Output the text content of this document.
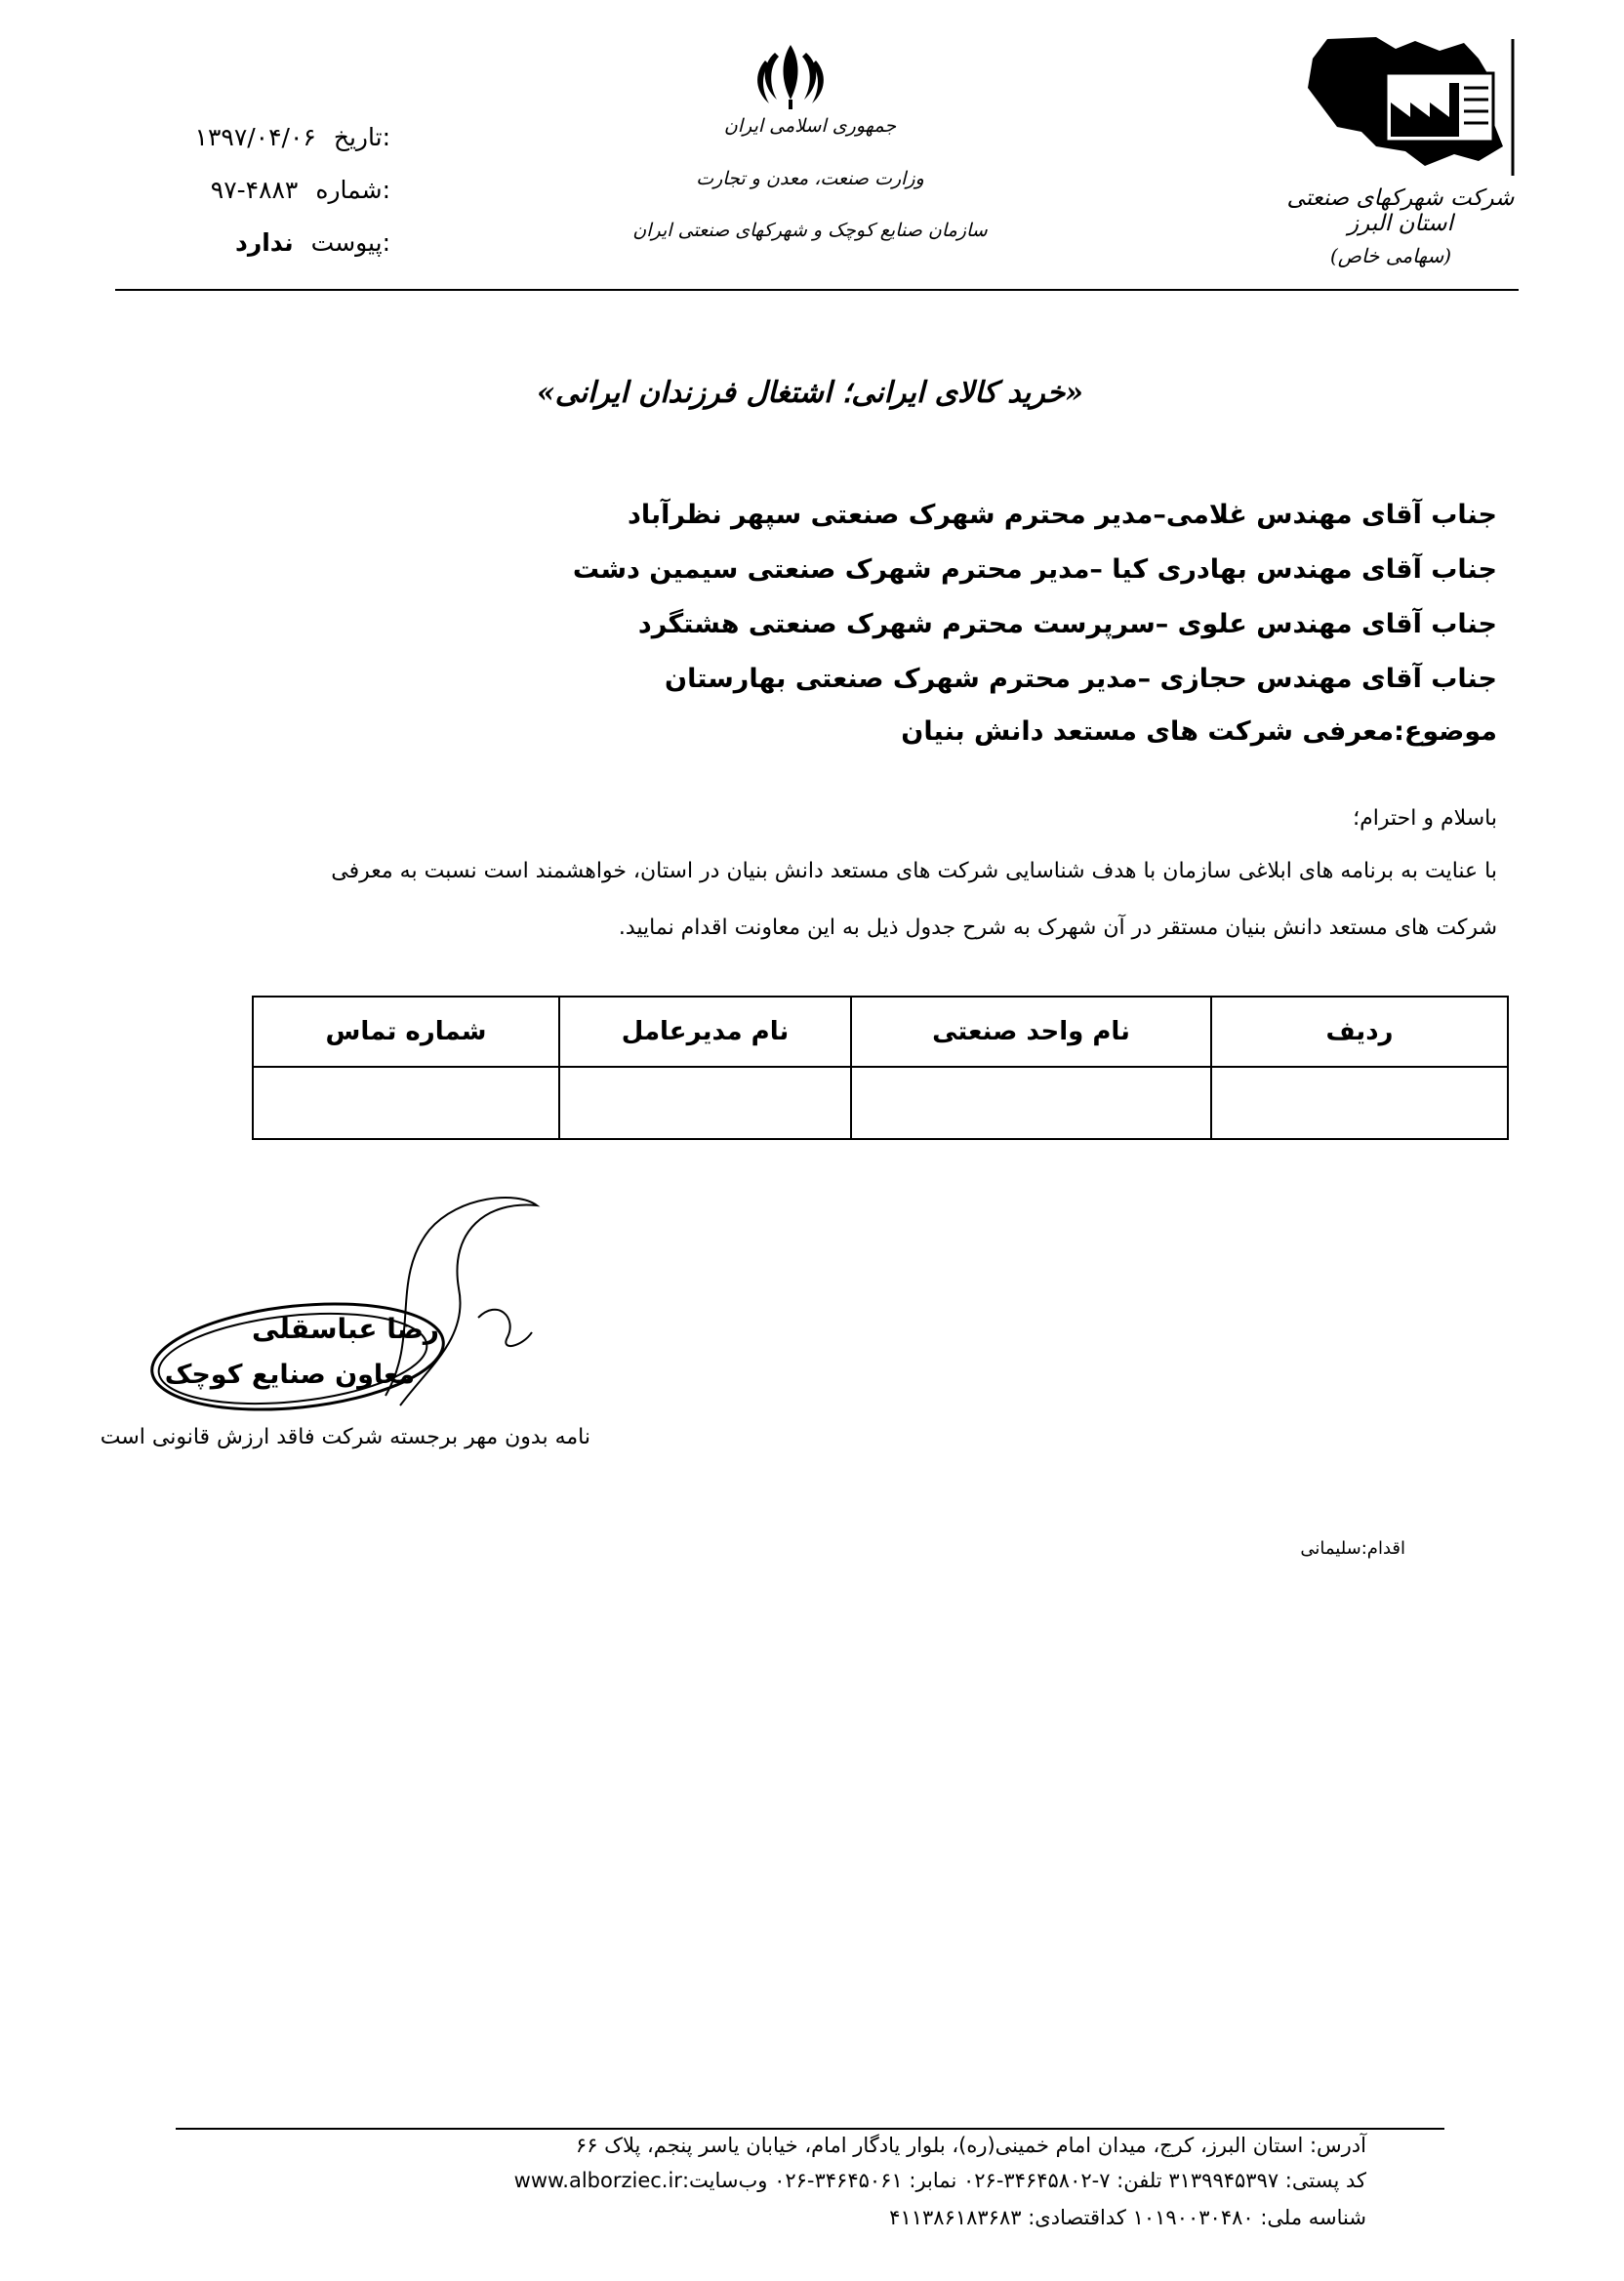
شرکت شهرکهای صنعتی استان البرز
(سهامی خاص)
جمهوری اسلامی ایران
وزارت صنعت، معدن و تجارت
سازمان صنایع کوچک و شهرکهای صنعتی ایران
تاریخ:
۱۳۹۷/۰۴/۰۶
شماره:
۹۷-۴۸۸۳
پیوست:
ندارد
«خرید کالای ایرانی؛ اشتغال فرزندان ایرانی»
جناب آقای مهندس غلامی–مدیر محترم شهرک صنعتی سپهر نظرآباد
جناب آقای مهندس بهادری کیا –مدیر محترم شهرک صنعتی سیمین دشت
جناب آقای مهندس علوی –سرپرست محترم شهرک صنعتی هشتگرد
جناب آقای مهندس حجازی –مدیر محترم شهرک صنعتی بهارستان
موضوع:معرفی شرکت های مستعد دانش بنیان
باسلام و احترام؛
با عنایت به برنامه های ابلاغی سازمان با هدف شناسایی شرکت های مستعد دانش بنیان در استان، خواهشمند است نسبت به معرفی
شرکت های مستعد دانش بنیان مستقر در آن شهرک به شرح جدول ذیل به این معاونت اقدام نمایید.
ردیف	نام واحد صنعتی	نام مدیرعامل	شماره تماس

رضا عباسقلی
معاون صنایع کوچک
نامه بدون مهر برجسته شرکت فاقد ارزش قانونی است
اقدام:سلیمانی
آدرس: استان البرز، کرج، میدان امام خمینی(ره)، بلوار یادگار امام، خیابان یاسر پنجم، پلاک ۶۶
کد پستی: ۳۱۳۹۹۴۵۳۹۷ تلفن: ۷-۳۴۶۴۵۸۰۲-۰۲۶ نمابر: ۳۴۶۴۵۰۶۱-۰۲۶ وب‌سایت:www.alborziec.ir
شناسه ملی: ۱۰۱۹۰۰۳۰۴۸۰ کداقتصادی: ۴۱۱۳۸۶۱۸۳۶۸۳
